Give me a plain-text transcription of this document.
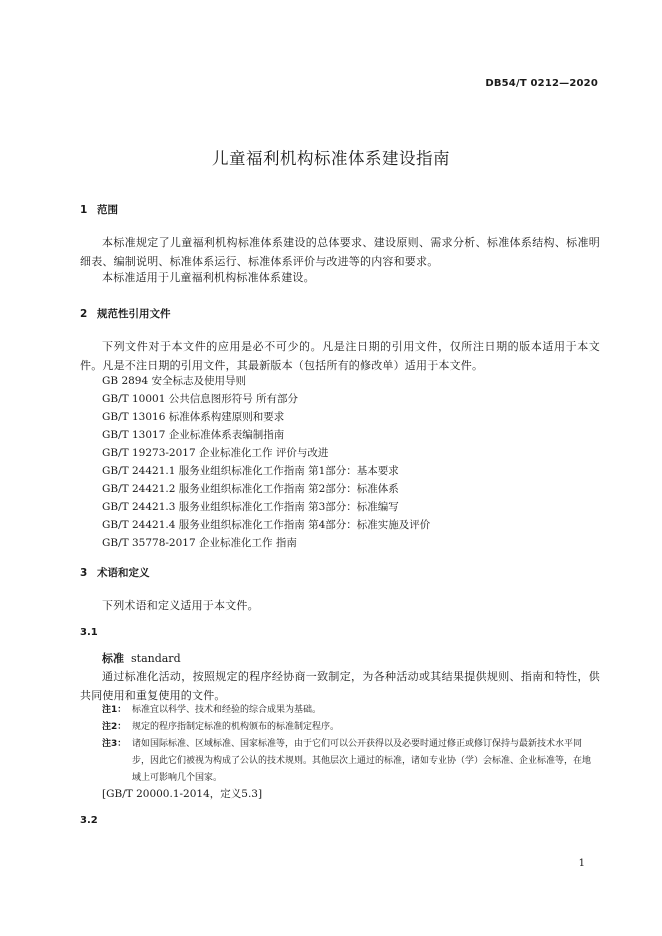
DB54/T 0212—2020
儿童福利机构标准体系建设指南
1 范围
本标准规定了儿童福利机构标准体系建设的总体要求、建设原则、需求分析、标准体系结构、标准明细表、编制说明、标准体系运行、标准体系评价与改进等的内容和要求。
本标准适用于儿童福利机构标准体系建设。
2 规范性引用文件
下列文件对于本文件的应用是必不可少的。凡是注日期的引用文件，仅所注日期的版本适用于本文件。凡是不注日期的引用文件，其最新版本（包括所有的修改单）适用于本文件。
GB 2894 安全标志及使用导则
GB/T 10001 公共信息图形符号 所有部分
GB/T 13016 标准体系构建原则和要求
GB/T 13017 企业标准体系表编制指南
GB/T 19273-2017 企业标准化工作 评价与改进
GB/T 24421.1 服务业组织标准化工作指南 第1部分：基本要求
GB/T 24421.2 服务业组织标准化工作指南 第2部分：标准体系
GB/T 24421.3 服务业组织标准化工作指南 第3部分：标准编写
GB/T 24421.4 服务业组织标准化工作指南 第4部分：标准实施及评价
GB/T 35778-2017 企业标准化工作 指南
3 术语和定义
下列术语和定义适用于本文件。
3.1
标准 standard
通过标准化活动，按照规定的程序经协商一致制定，为各种活动或其结果提供规则、指南和特性，供共同使用和重复使用的文件。
注1： 标准宜以科学、技术和经验的综合成果为基础。
注2： 规定的程序指制定标准的机构颁布的标准制定程序。
注3： 诸如国际标准、区域标准、国家标准等，由于它们可以公开获得以及必要时通过修正或修订保持与最新技术水平同步，因此它们被视为构成了公认的技术规则。其他层次上通过的标准，诸如专业协（学）会标准、企业标准等，在地域上可影响几个国家。
[GB/T 20000.1-2014，定义5.3]
3.2
1
